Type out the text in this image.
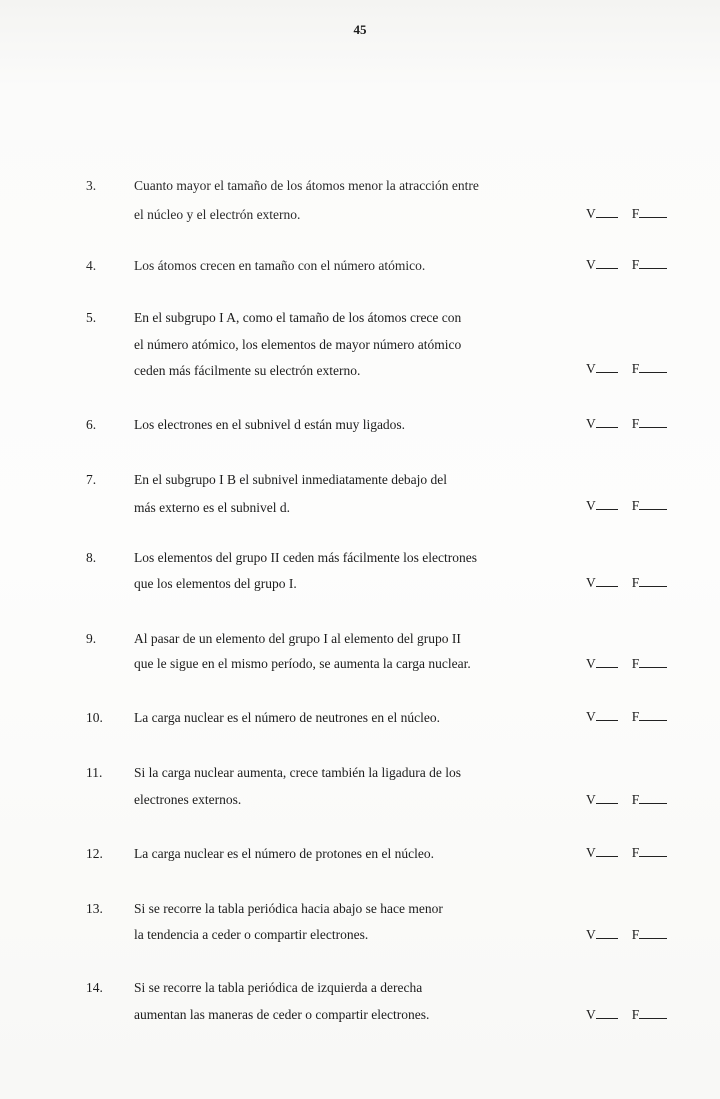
45
3.	Cuanto mayor el tamaño de los átomos menor la atracción entre
el núcleo y el electrón externo.	V	F
4.	Los átomos crecen en tamaño con el número atómico.	V	F
5.	En el subgrupo I A, como el tamaño de los átomos crece con
el número atómico, los elementos de mayor número atómico
ceden más fácilmente su electrón externo.	V	F
6.	Los electrones en el subnivel d están muy ligados.	V	F
7.	En el subgrupo I B el subnivel inmediatamente debajo del
más externo es el subnivel d.	V	F
8.	Los elementos del grupo II ceden más fácilmente los electrones
que los elementos del grupo I.	V	F
9.	Al pasar de un elemento del grupo I al elemento del grupo II
que le sigue en el mismo período, se aumenta la carga nuclear.	V	F
10. La carga nuclear es el número de neutrones en el núcleo.	V	F
11. Si la carga nuclear aumenta, crece también la ligadura de los
electrones externos.	V	F
12. La carga nuclear es el número de protones en el núcleo.	V	F
13. Si se recorre la tabla periódica hacia abajo se hace menor
la tendencia a ceder o compartir electrones.	V	F
14. Si se recorre la tabla periódica de izquierda a derecha
aumentan las maneras de ceder o compartir electrones.	V	F
